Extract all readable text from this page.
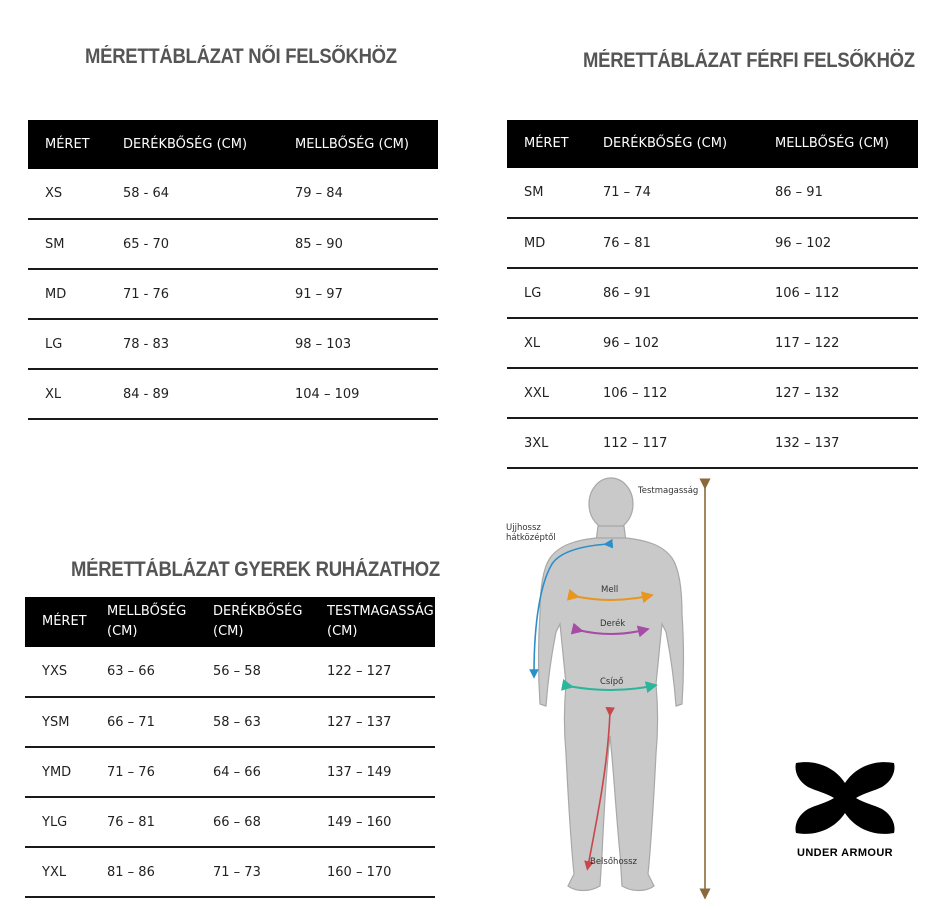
MÉRETTÁBLÁZAT NŐI FELSŐKHÖZ
MÉRET	DERÉKBŐSÉG (CM)	MELLBŐSÉG (CM)
XS	58 - 64	79 – 84
SM	65 - 70	85 – 90
MD	71 - 76	91 – 97
LG	78 - 83	98 – 103
XL	84 - 89	104 – 109
MÉRETTÁBLÁZAT FÉRFI FELSŐKHÖZ
MÉRET	DERÉKBŐSÉG (CM)	MELLBŐSÉG (CM)
SM	71 – 74	86 – 91
MD	76 – 81	96 – 102
LG	86 – 91	106 – 112
XL	96 – 102	117 – 122
XXL	106 – 112	127 – 132
3XL	112 – 117	132 – 137
MÉRETTÁBLÁZAT GYEREK RUHÁZATHOZ
MÉRET	MELLBŐSÉG (CM)	DERÉKBŐSÉG (CM)	TESTMAGASSÁG (CM)
YXS	63 – 66	56 – 58	122 – 127
YSM	66 – 71	58 – 63	127 – 137
YMD	71 – 76	64 – 66	137 – 149
YLG	76 – 81	66 – 68	149 – 160
YXL	81 – 86	71 – 73	160 – 170
Testmagasság
Ujjhossz
hátközéptől
Mell
Derék
Csípő
Belsőhossz
UNDER ARMOUR
